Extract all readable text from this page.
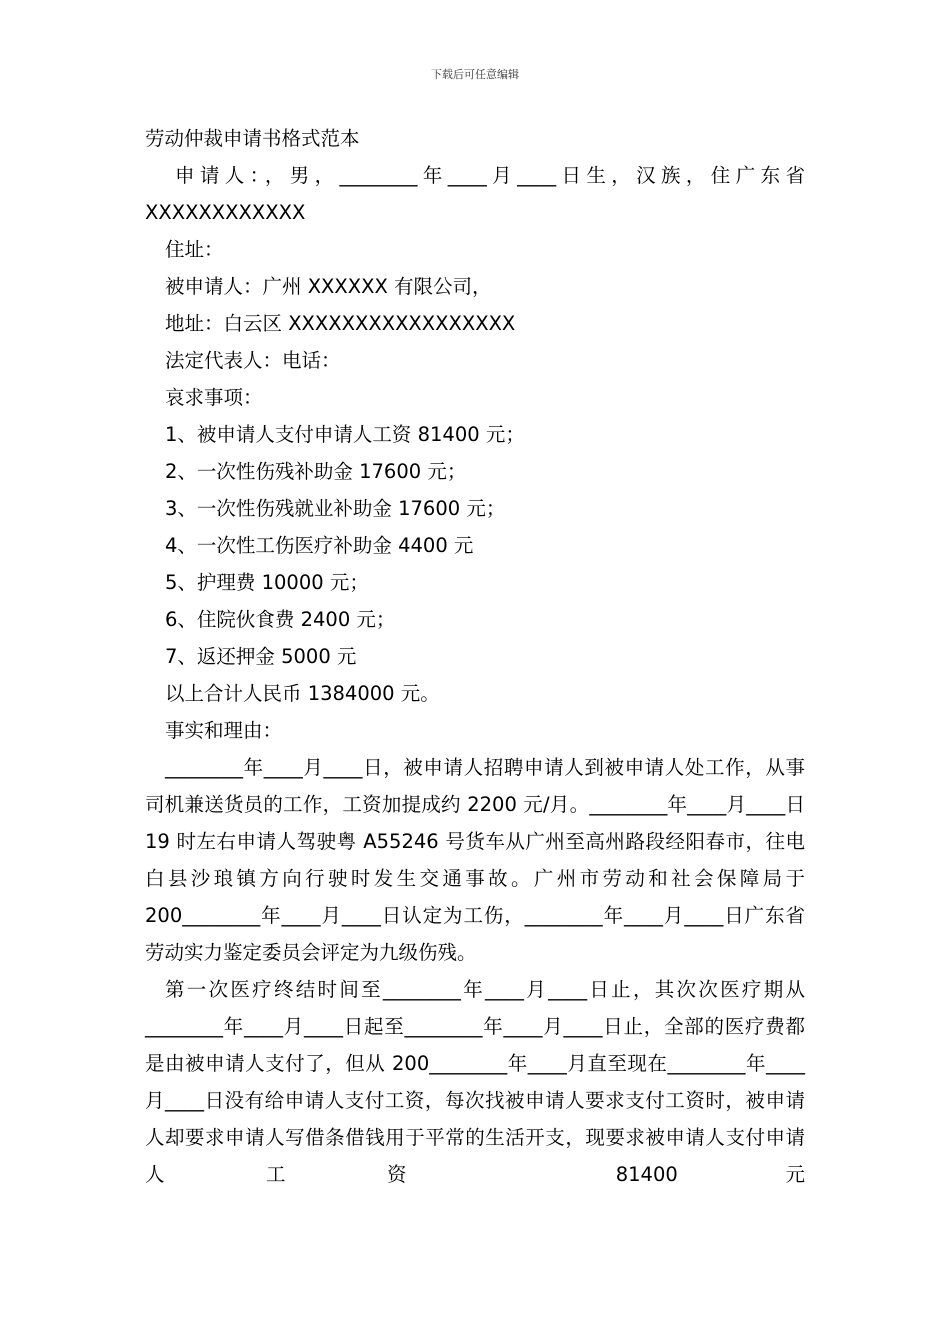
下载后可任意编辑
劳动仲裁申请书格式范本
申请人：，男，________年____月____日生，汉族，住广东省XXXXXXXXXXXX
住址：
被申请人：广州 XXXXXX 有限公司，
地址：白云区 XXXXXXXXXXXXXXXXX
法定代表人：电话：
哀求事项：
1、被申请人支付申请人工资 81400 元；
2、一次性伤残补助金 17600 元；
3、一次性伤残就业补助金 17600 元；
4、一次性工伤医疗补助金 4400 元
5、护理费 10000 元；
6、住院伙食费 2400 元；
7、返还押金 5000 元
以上合计人民币 1384000 元。
事实和理由：
________年____月____日，被申请人招聘申请人到被申请人处工作，从事司机兼送货员的工作，工资加提成约 2200 元/月。________年____月____日 19 时左右申请人驾驶粤 A55246 号货车从广州至高州路段经阳春市，往电白县沙琅镇方向行驶时发生交通事故。广州市劳动和社会保障局于 200________年____月____日认定为工伤，________年____月____日广东省劳动实力鉴定委员会评定为九级伤残。
第一次医疗终结时间至________年____月____日止，其次次医疗期从________年____月____日起至________年____月____日止，全部的医疗费都是由被申请人支付了，但从 200________年____月直至现在________年____月____日没有给申请人支付工资，每次找被申请人要求支付工资时，被申请人却要求申请人写借条借钱用于平常的生活开支，现要求被申请人支付申请人工资 81400 元
